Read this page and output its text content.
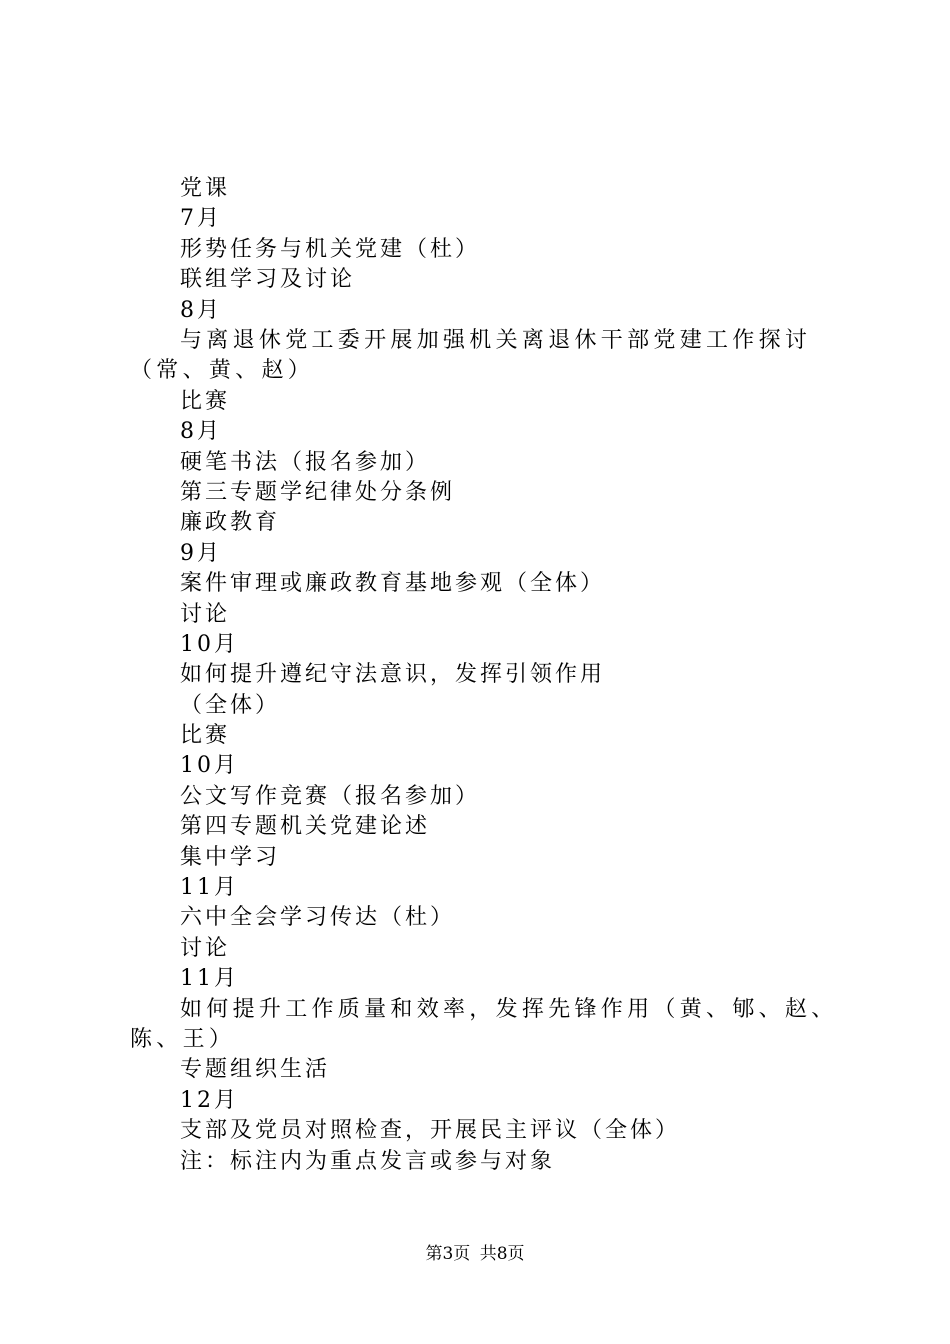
党课
7月
形势任务与机关党建（杜）
联组学习及讨论
8月
与离退休党工委开展加强机关离退休干部党建工作探讨（常、黄、赵）
比赛
8月
硬笔书法（报名参加）
第三专题学纪律处分条例
廉政教育
9月
案件审理或廉政教育基地参观（全体）
讨论
10月
如何提升遵纪守法意识，发挥引领作用
（全体）
比赛
10月
公文写作竞赛（报名参加）
第四专题机关党建论述
集中学习
11月
六中全会学习传达（杜）
讨论
11月
如何提升工作质量和效率，发挥先锋作用（黄、郇、赵、陈、王）
专题组织生活
12月
支部及党员对照检查，开展民主评议（全体）
注：标注内为重点发言或参与对象
第3页 共8页
